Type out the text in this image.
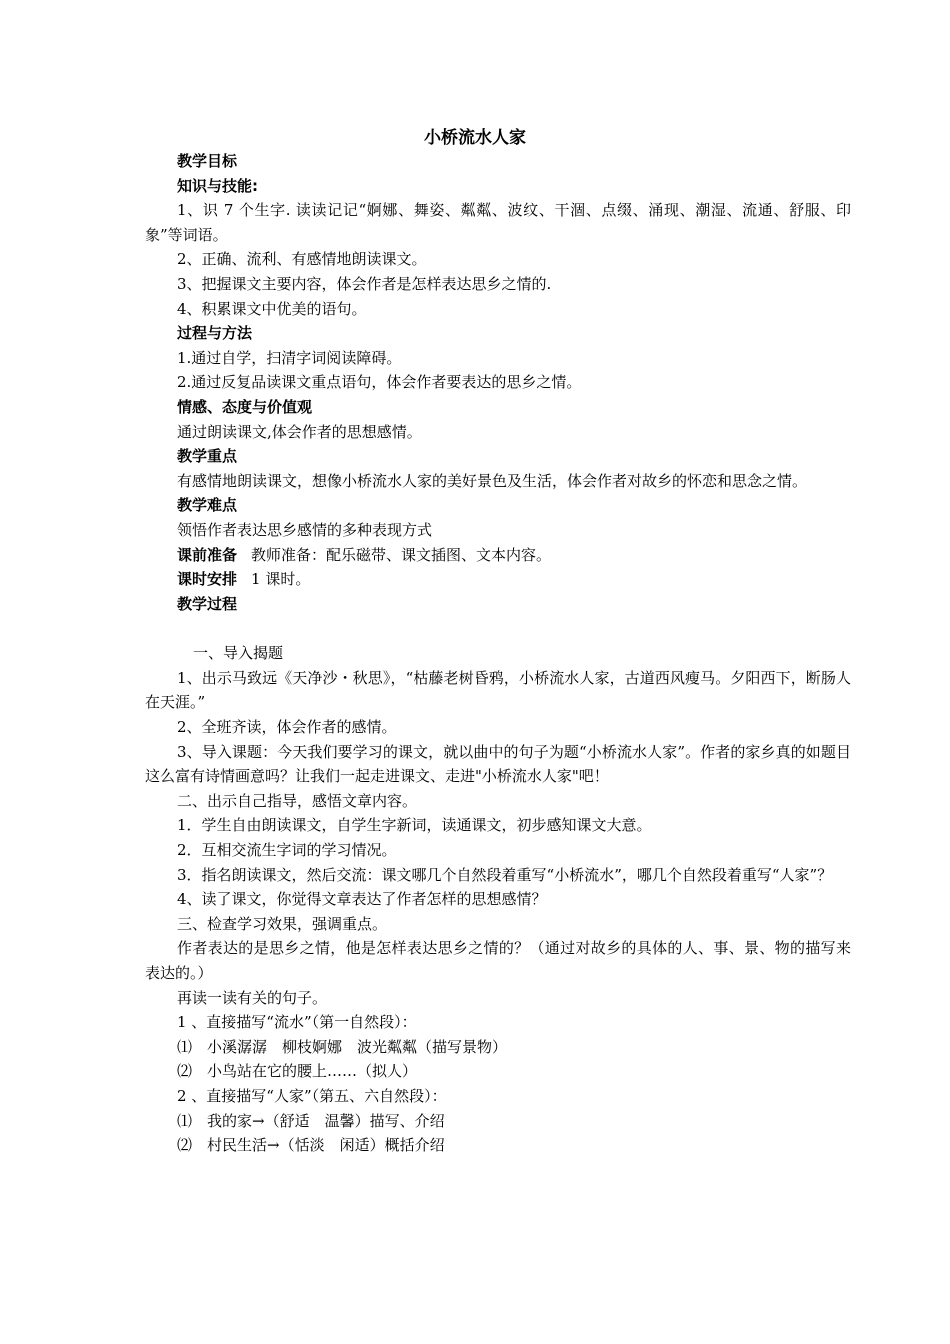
小桥流水人家

教学目标

知识与技能:

1、识 7 个生字. 读读记记“婀娜、舞姿、粼粼、波纹、干涸、点缀、涌现、潮湿、流通、舒服、印象”等词语。

2、正确、流利、有感情地朗读课文。

3、把握课文主要内容，体会作者是怎样表达思乡之情的.

4、积累课文中优美的语句。

过程与方法

1.通过自学，扫清字词阅读障碍。

2.通过反复品读课文重点语句，体会作者要表达的思乡之情。

情感、态度与价值观

通过朗读课文,体会作者的思想感情。

教学重点

有感情地朗读课文，想像小桥流水人家的美好景色及生活，体会作者对故乡的怀恋和思念之情。

教学难点

领悟作者表达思乡感情的多种表现方式

课前准备 教师准备：配乐磁带、课文插图、文本内容。

课时安排 1 课时。

教学过程

一、导入揭题

1、出示马致远《天净沙・秋思》，“枯藤老树昏鸦，小桥流水人家，古道西风瘦马。夕阳西下，断肠人在天涯。”

2、全班齐读，体会作者的感情。

3、导入课题：今天我们要学习的课文，就以曲中的句子为题“小桥流水人家”。作者的家乡真的如题目这么富有诗情画意吗？让我们一起走进课文、走进"小桥流水人家"吧！

二、出示自己指导，感悟文章内容。

1．学生自由朗读课文，自学生字新词，读通课文，初步感知课文大意。

2．互相交流生字词的学习情况。

3．指名朗读课文，然后交流：课文哪几个自然段着重写“小桥流水”，哪几个自然段着重写“人家”？

4、读了课文，你觉得文章表达了作者怎样的思想感情？

三、检查学习效果，强调重点。

作者表达的是思乡之情，他是怎样表达思乡之情的？（通过对故乡的具体的人、事、景、物的描写来表达的。）

再读一读有关的句子。

1 、直接描写“流水”（第一自然段）：

⑴　小溪潺潺　柳枝婀娜　波光粼粼（描写景物）

⑵　小鸟站在它的腰上……（拟人）

2 、直接描写“人家”（第五、六自然段）：

⑴　我的家→（舒适　温馨）描写、介绍

⑵　村民生活→（恬淡　闲适）概括介绍
